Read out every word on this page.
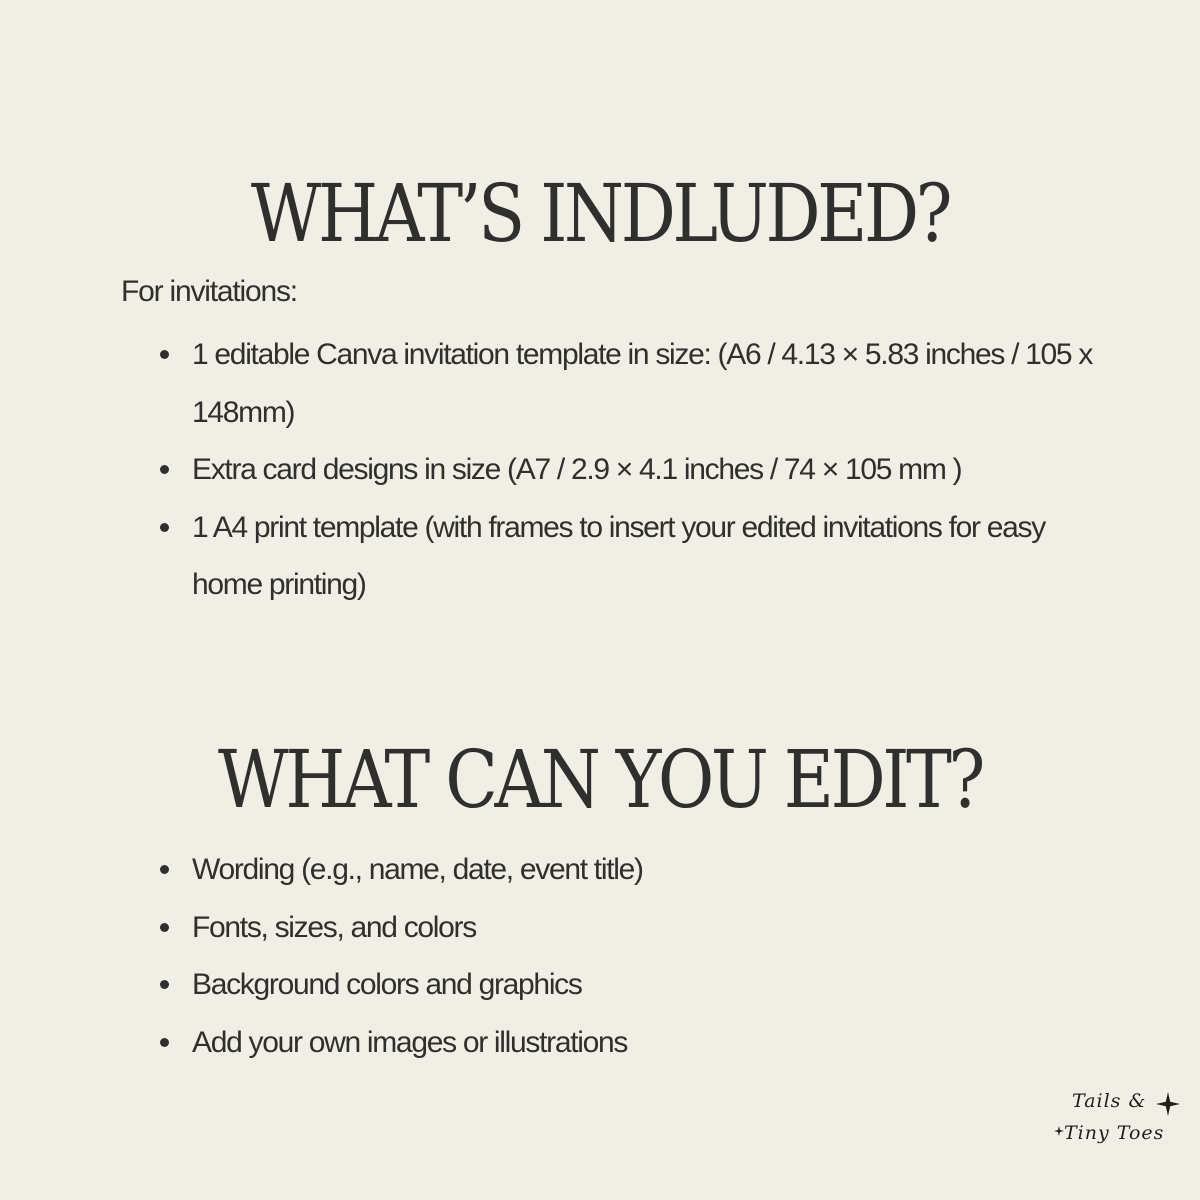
WHAT’S INDLUDED?

For invitations:

1 editable Canva invitation template in size: (A6 / 4.13 × 5.83 inches / 105 x 148mm)
Extra card designs in size (A7 / 2.9 × 4.1 inches / 74 × 105 mm )
1 A4 print template (with frames to insert your edited invitations for easy home printing)
WHAT CAN YOU EDIT?
Wording (e.g., name, date, event title)
Fonts, sizes, and colors
Background colors and graphics
Add your own images or illustrations
Tails &
Tiny Toes
